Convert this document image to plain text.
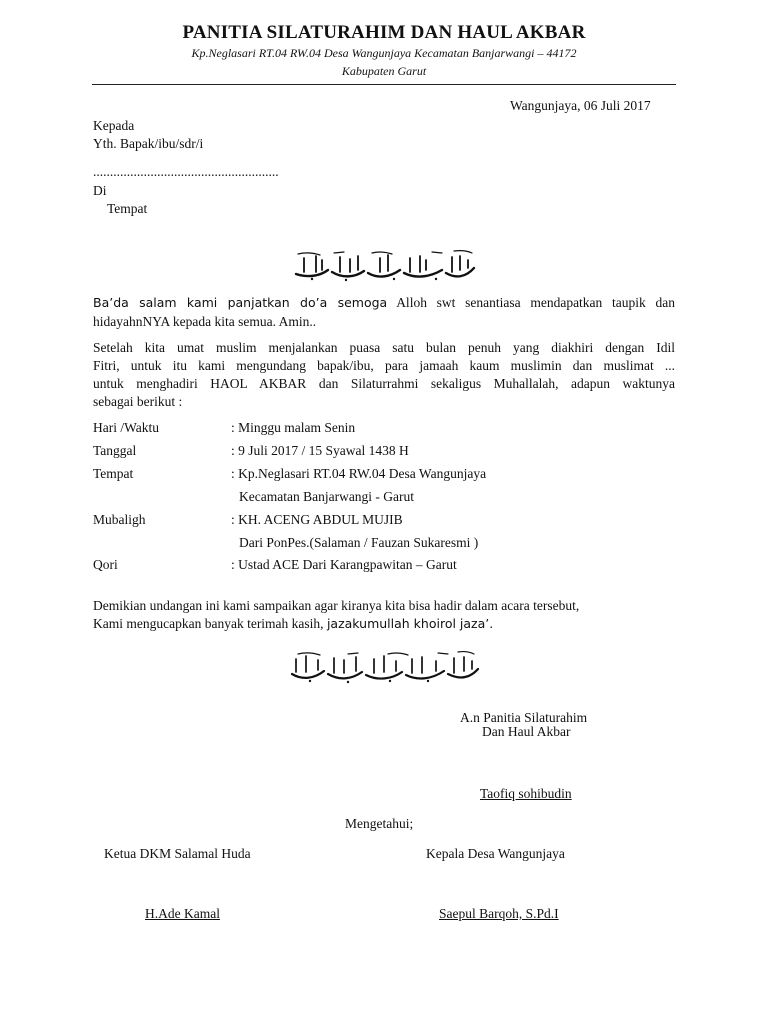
PANITIA SILATURAHIM DAN HAUL AKBAR
Kp.Neglasari RT.04 RW.04 Desa Wangunjaya Kecamatan Banjarwangi – 44172
Kabupaten Garut
Wangunjaya, 06 Juli 2017
Kepada
Yth. Bapak/ibu/sdr/i
.......................................................
Di
Tempat
Ba’da salam kami panjatkan do’a semoga Alloh swt senantiasa mendapatkan taupik dan
hidayahnNYA kepada kita semua. Amin..
Setelah kita umat muslim menjalankan puasa satu bulan penuh yang diakhiri dengan Idil
Fitri, untuk itu kami mengundang bapak/ibu, para jamaah kaum muslimin dan muslimat ...
untuk menghadiri HAOL AKBAR dan Silaturrahmi sekaligus Muhallalah, adapun waktunya
sebagai berikut :
Hari /Waktu	: Minggu malam Senin
Tanggal	: 9 Juli 2017 / 15 Syawal 1438 H
Tempat	: Kp.Neglasari RT.04 RW.04 Desa Wangunjaya
Kecamatan Banjarwangi - Garut
Mubaligh	: KH. ACENG ABDUL MUJIB
Dari PonPes.(Salaman / Fauzan Sukaresmi )
Qori	: Ustad ACE Dari Karangpawitan – Garut
Demikian undangan ini kami sampaikan agar kiranya kita bisa hadir dalam acara tersebut,
Kami mengucapkan banyak terimah kasih, jazakumullah khoirol jaza’.
A.n Panitia Silaturahim
Dan Haul Akbar
Taofiq sohibudin
Mengetahui;
Ketua DKM Salamal Huda	Kepala Desa Wangunjaya
H.Ade Kamal	Saepul Barqoh, S.Pd.I
